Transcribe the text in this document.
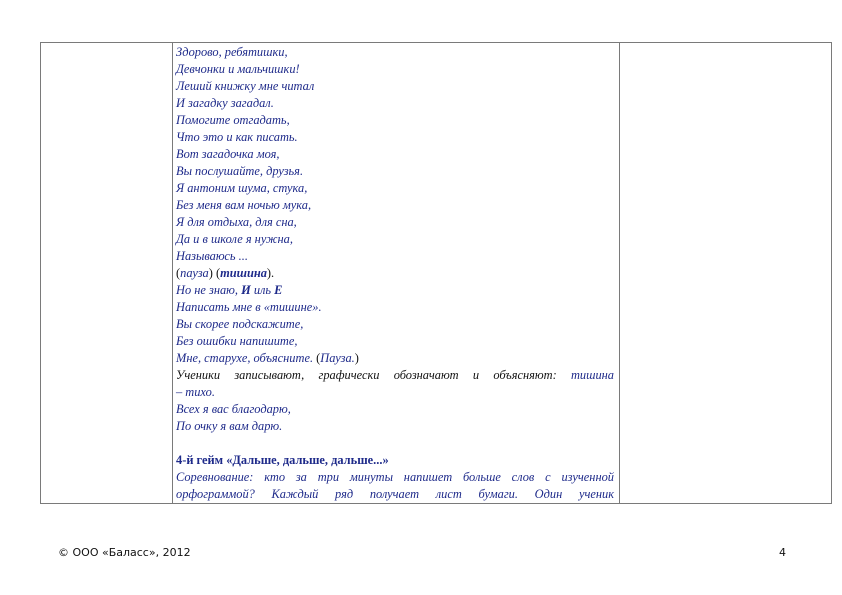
Здорово, ребятишки,
Девчонки и мальчишки!
Леший книжку мне читал
И загадку загадал.
Помогите отгадать,
Что это и как писать.
Вот загадочка моя,
Вы послушайте, друзья.
Я антоним шума, стука,
Без меня вам ночью мука,
Я для отдыха, для сна,
Да и в школе я нужна,
Называюсь ...
(пауза) (тишина).
Но не знаю, И иль Е
Написать мне в «тишине».
Вы скорее подскажите,
Без ошибки напишите,
Мне, старухе, объясните. (Пауза.)
Ученики записывают, графически обозначают и объясняют: тишина
– тихо.
Всех я вас благодарю,
По очку я вам дарю.
4-й гейм «Дальше, дальше, дальше...»
Соревнование: кто за три минуты напишет больше слов с изученной
орфограммой? Каждый ряд получает лист бумаги. Один ученик
© ООО «Баласс», 2012	4
